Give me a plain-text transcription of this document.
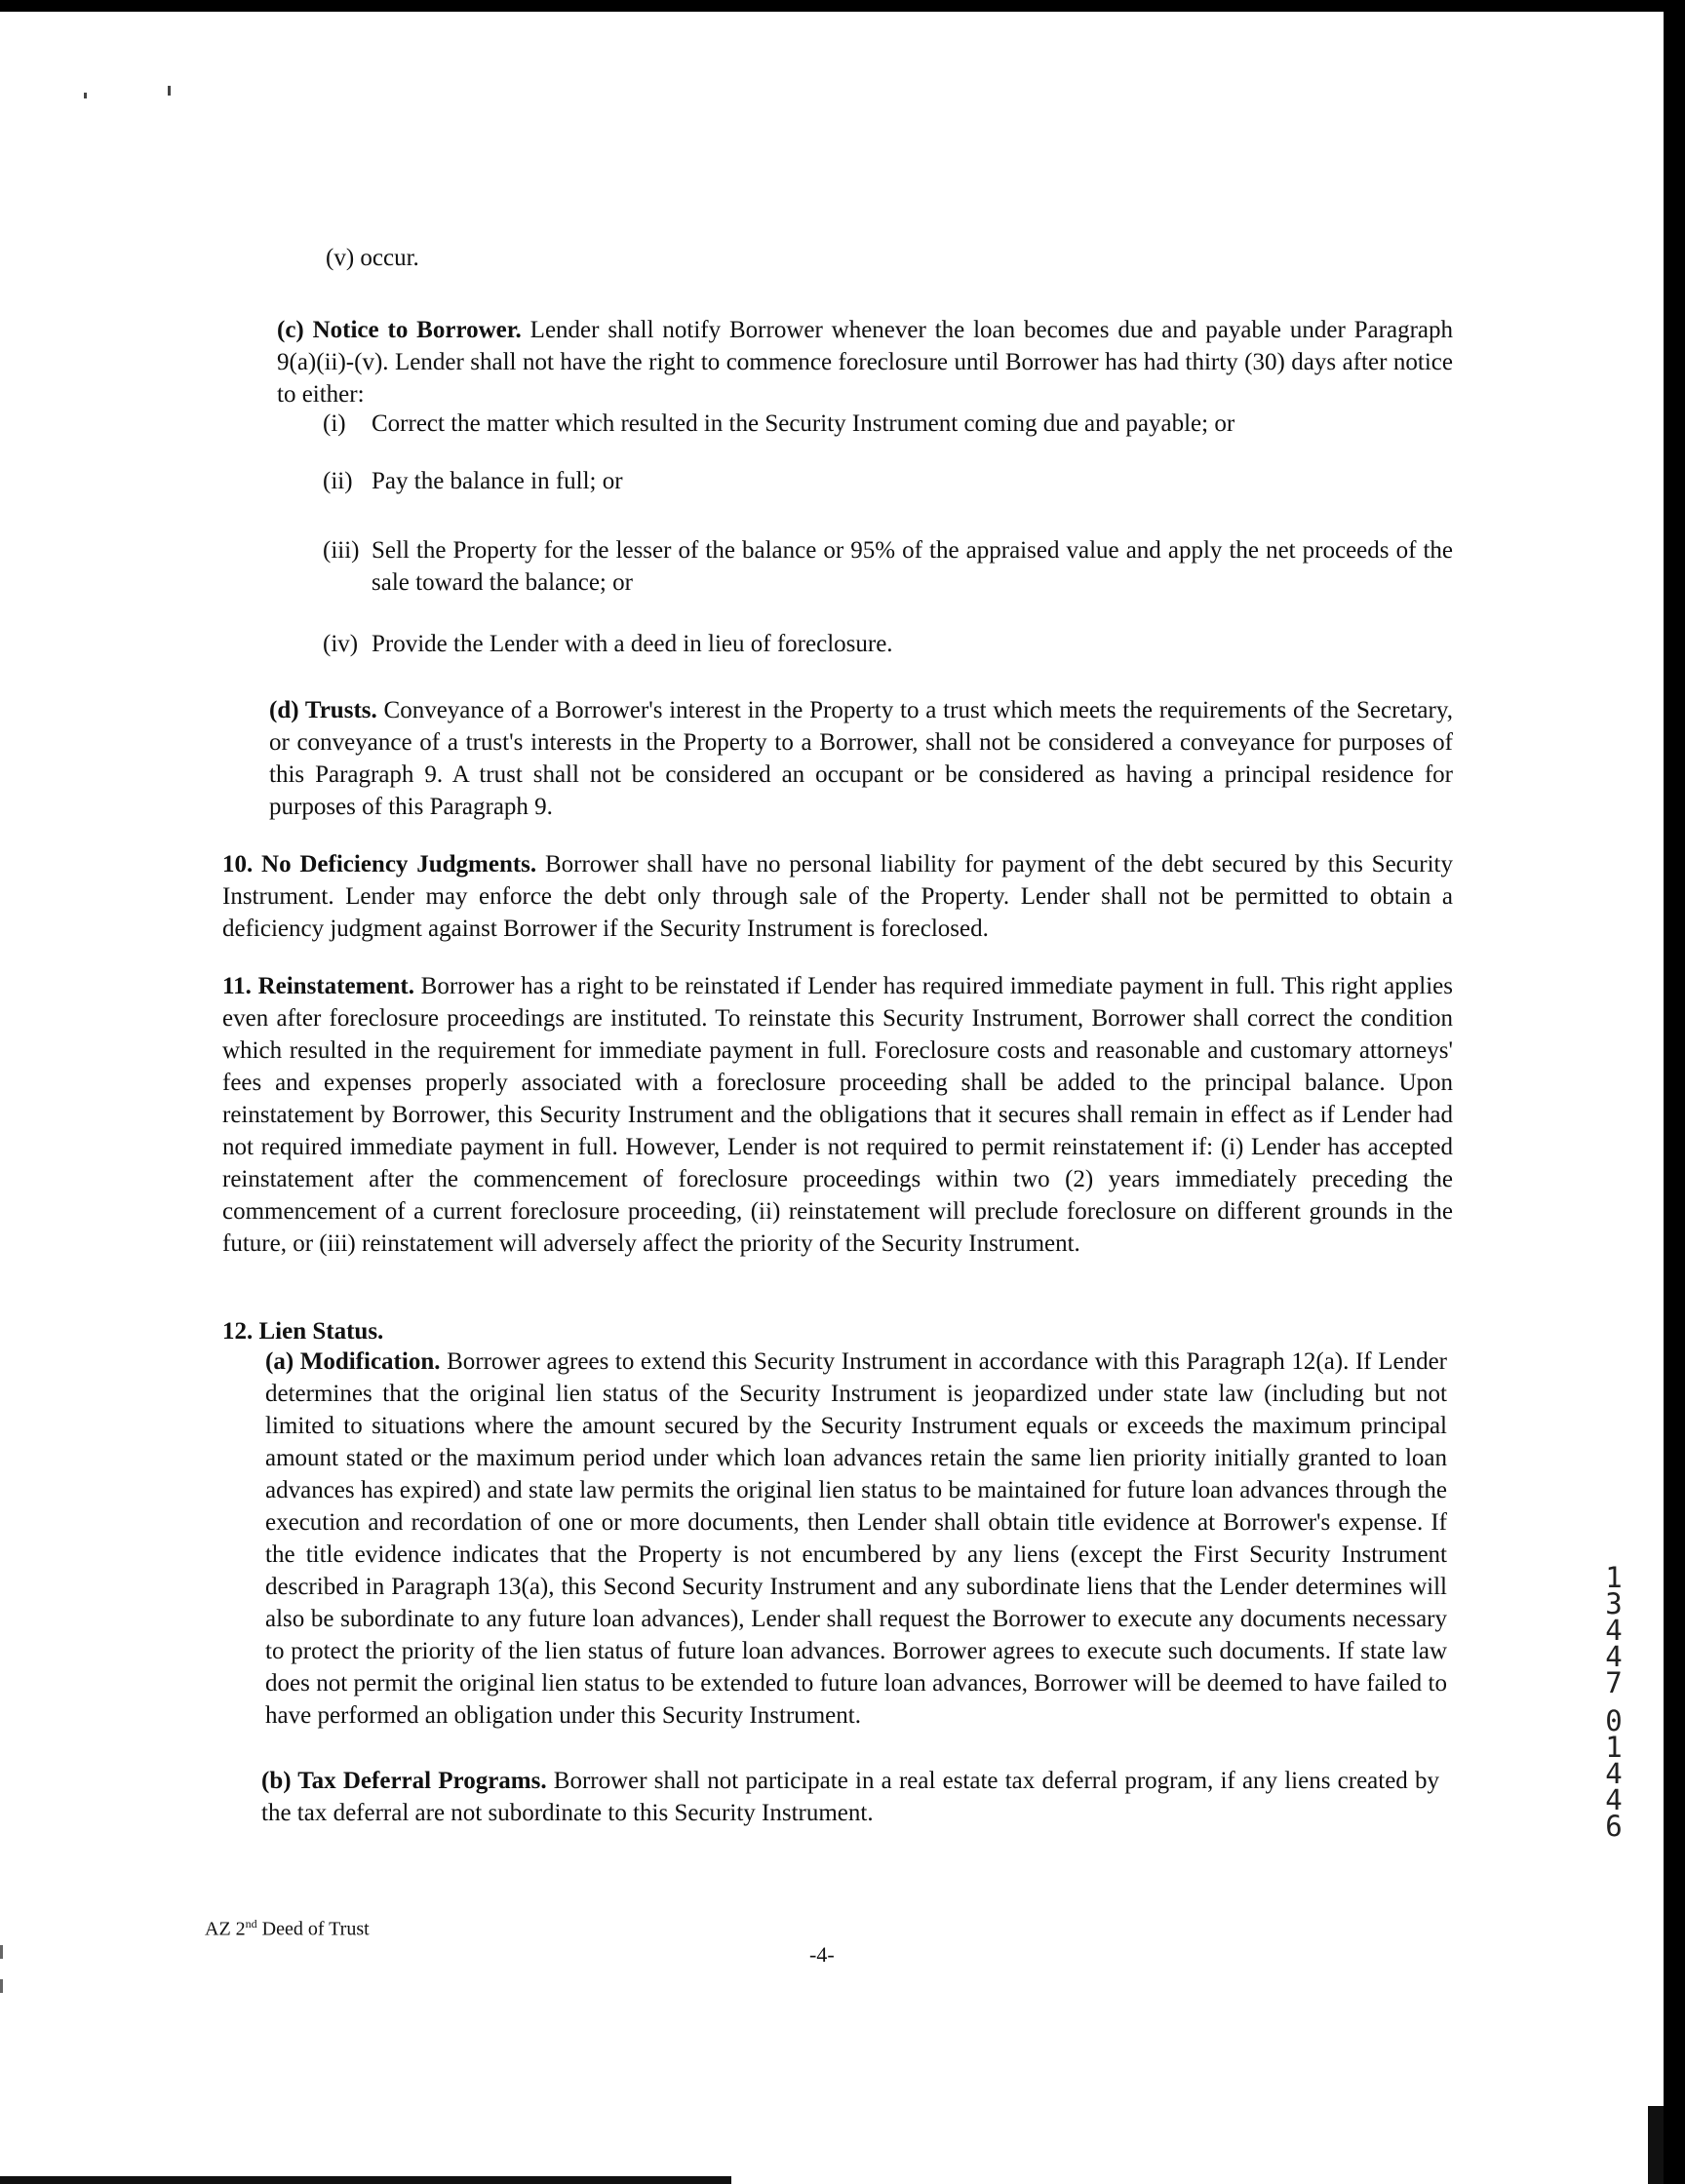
(v) occur.

(c) Notice to Borrower. Lender shall notify Borrower whenever the loan becomes due and payable under Paragraph 9(a)(ii)-(v). Lender shall not have the right to commence foreclosure until Borrower has had thirty (30) days after notice to either:

(i)	Correct the matter which resulted in the Security Instrument coming due and payable; or
(ii) Pay the balance in full; or
(iii) Sell the Property for the lesser of the balance or 95% of the appraised value and apply the net proceeds of the sale toward the balance; or
(iv) Provide the Lender with a deed in lieu of foreclosure.

(d) Trusts. Conveyance of a Borrower's interest in the Property to a trust which meets the requirements of the Secretary, or conveyance of a trust's interests in the Property to a Borrower, shall not be considered a conveyance for purposes of this Paragraph 9. A trust shall not be considered an occupant or be considered as having a principal residence for purposes of this Paragraph 9.

10. No Deficiency Judgments. Borrower shall have no personal liability for payment of the debt secured by this Security Instrument. Lender may enforce the debt only through sale of the Property. Lender shall not be permitted to obtain a deficiency judgment against Borrower if the Security Instrument is foreclosed.

11. Reinstatement. Borrower has a right to be reinstated if Lender has required immediate payment in full. This right applies even after foreclosure proceedings are instituted. To reinstate this Security Instrument, Borrower shall correct the condition which resulted in the requirement for immediate payment in full. Foreclosure costs and reasonable and customary attorneys' fees and expenses properly associated with a foreclosure proceeding shall be added to the principal balance. Upon reinstatement by Borrower, this Security Instrument and the obligations that it secures shall remain in effect as if Lender had not required immediate payment in full. However, Lender is not required to permit reinstatement if: (i) Lender has accepted reinstatement after the commencement of foreclosure proceedings within two (2) years immediately preceding the commencement of a current foreclosure proceeding, (ii) reinstatement will preclude foreclosure on different grounds in the future, or (iii) reinstatement will adversely affect the priority of the Security Instrument.

12. Lien Status.

(a) Modification. Borrower agrees to extend this Security Instrument in accordance with this Paragraph 12(a). If Lender determines that the original lien status of the Security Instrument is jeopardized under state law (including but not limited to situations where the amount secured by the Security Instrument equals or exceeds the maximum principal amount stated or the maximum period under which loan advances retain the same lien priority initially granted to loan advances has expired) and state law permits the original lien status to be maintained for future loan advances through the execution and recordation of one or more documents, then Lender shall obtain title evidence at Borrower's expense. If the title evidence indicates that the Property is not encumbered by any liens (except the First Security Instrument described in Paragraph 13(a), this Second Security Instrument and any subordinate liens that the Lender determines will also be subordinate to any future loan advances), Lender shall request the Borrower to execute any documents necessary to protect the priority of the lien status of future loan advances. Borrower agrees to execute such documents. If state law does not permit the original lien status to be extended to future loan advances, Borrower will be deemed to have failed to have performed an obligation under this Security Instrument.

(b) Tax Deferral Programs. Borrower shall not participate in a real estate tax deferral program, if any liens created by the tax deferral are not subordinate to this Security Instrument.

AZ 2nd Deed of Trust
-4-
1
3
4
4
7
0
1
4
4
6
